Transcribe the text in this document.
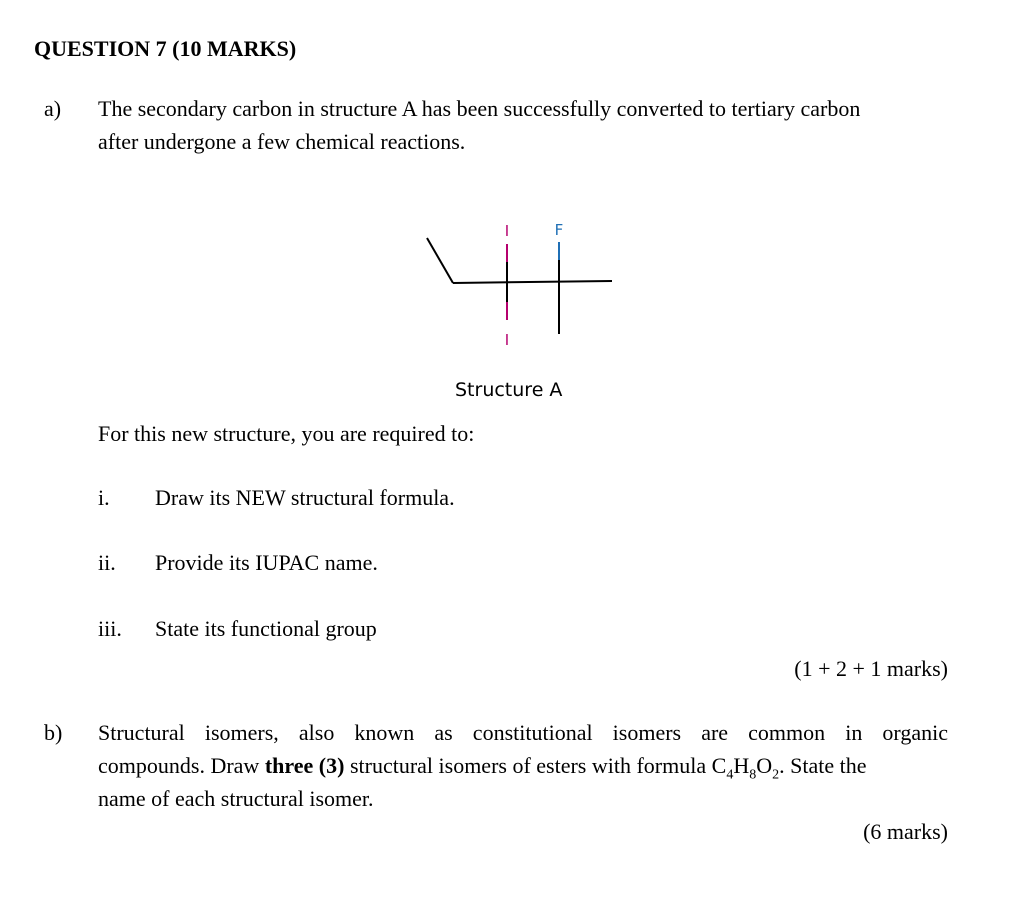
QUESTION 7 (10 MARKS)
a) The secondary carbon in structure A has been successfully converted to tertiary carbon
after undergone a few chemical reactions.
I	F
I
Structure A
For this new structure, you are required to:
i. Draw its NEW structural formula.
ii. Provide its IUPAC name.
iii. State its functional group
(1 + 2 + 1 marks)
b) Structural isomers, also known as constitutional isomers are common in organic
compounds. Draw three (3) structural isomers of esters with formula $C_4H_8O_2$. State the
name of each structural isomer.
(6 marks)
